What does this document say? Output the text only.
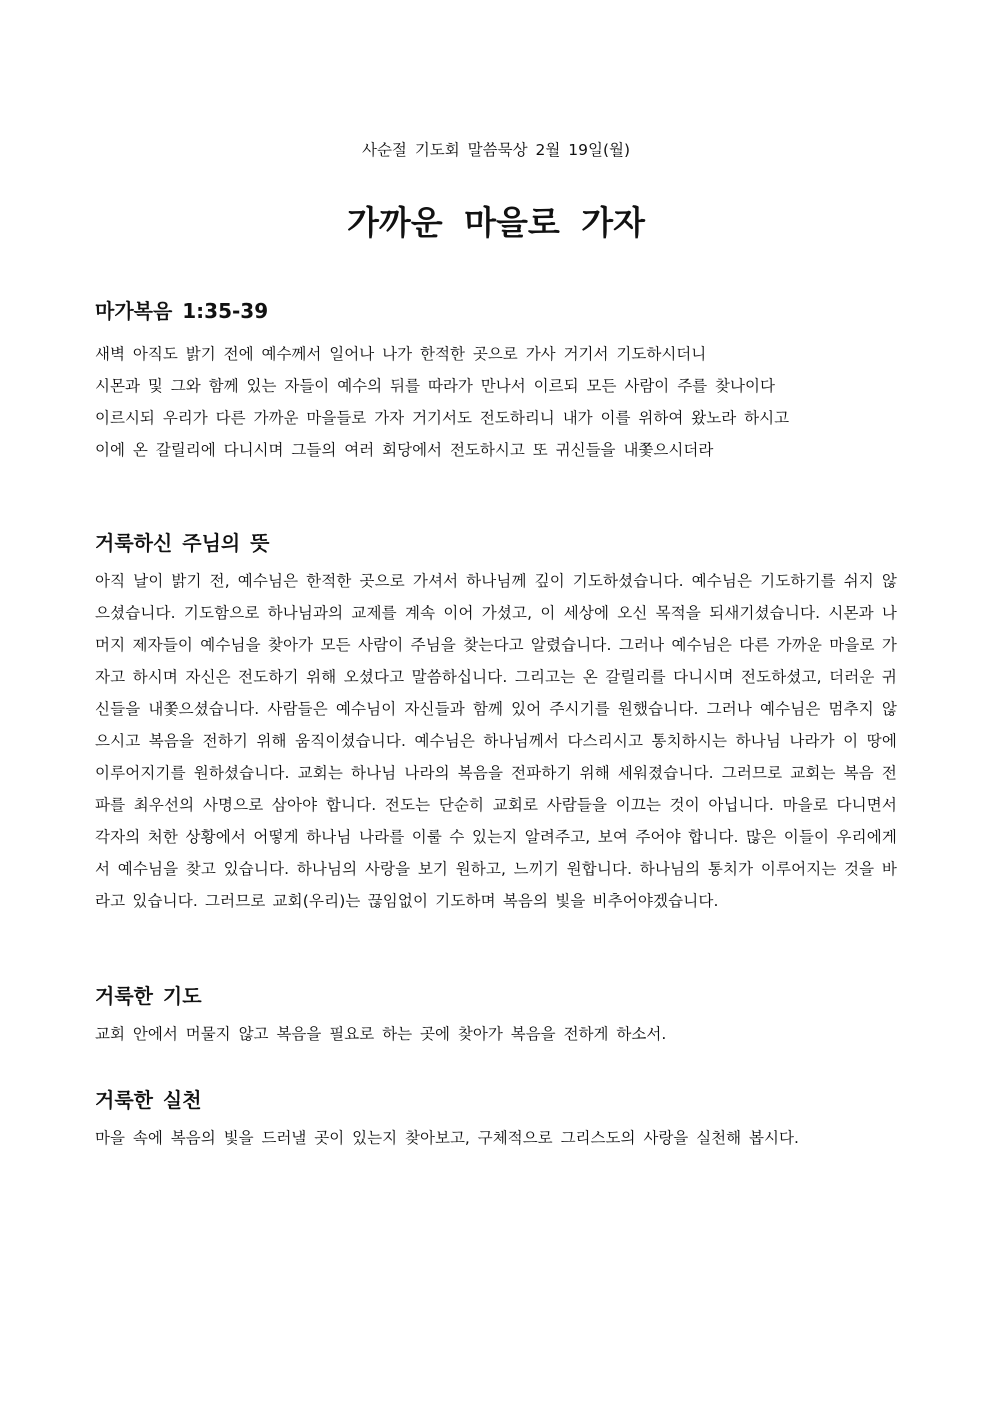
사순절 기도회 말씀묵상 2월 19일(월)
가까운 마을로 가자
마가복음 1:35-39
새벽 아직도 밝기 전에 예수께서 일어나 나가 한적한 곳으로 가사 거기서 기도하시더니
시몬과 및 그와 함께 있는 자들이 예수의 뒤를 따라가 만나서 이르되 모든 사람이 주를 찾나이다
이르시되 우리가 다른 가까운 마을들로 가자 거기서도 전도하리니 내가 이를 위하여 왔노라 하시고
이에 온 갈릴리에 다니시며 그들의 여러 회당에서 전도하시고 또 귀신들을 내쫓으시더라
거룩하신 주님의 뜻

아직 날이 밝기 전, 예수님은 한적한 곳으로 가셔서 하나님께 깊이 기도하셨습니다. 예수님은 기도하기를 쉬지 않으셨습니다. 기도함으로 하나님과의 교제를 계속 이어 가셨고, 이 세상에 오신 목적을 되새기셨습니다. 시몬과 나머지 제자들이 예수님을 찾아가 모든 사람이 주님을 찾는다고 알렸습니다. 그러나 예수님은 다른 가까운 마을로 가자고 하시며 자신은 전도하기 위해 오셨다고 말씀하십니다. 그리고는 온 갈릴리를 다니시며 전도하셨고, 더러운 귀신들을 내쫓으셨습니다. 사람들은 예수님이 자신들과 함께 있어 주시기를 원했습니다. 그러나 예수님은 멈추지 않으시고 복음을 전하기 위해 움직이셨습니다. 예수님은 하나님께서 다스리시고 통치하시는 하나님 나라가 이 땅에 이루어지기를 원하셨습니다. 교회는 하나님 나라의 복음을 전파하기 위해 세워졌습니다. 그러므로 교회는 복음 전파를 최우선의 사명으로 삼아야 합니다. 전도는 단순히 교회로 사람들을 이끄는 것이 아닙니다. 마을로 다니면서 각자의 처한 상황에서 어떻게 하나님 나라를 이룰 수 있는지 알려주고, 보여 주어야 합니다. 많은 이들이 우리에게서 예수님을 찾고 있습니다. 하나님의 사랑을 보기 원하고, 느끼기 원합니다. 하나님의 통치가 이루어지는 것을 바라고 있습니다. 그러므로 교회(우리)는 끊임없이 기도하며 복음의 빛을 비추어야겠습니다.

거룩한 기도

교회 안에서 머물지 않고 복음을 필요로 하는 곳에 찾아가 복음을 전하게 하소서.

거룩한 실천

마을 속에 복음의 빛을 드러낼 곳이 있는지 찾아보고, 구체적으로 그리스도의 사랑을 실천해 봅시다.
